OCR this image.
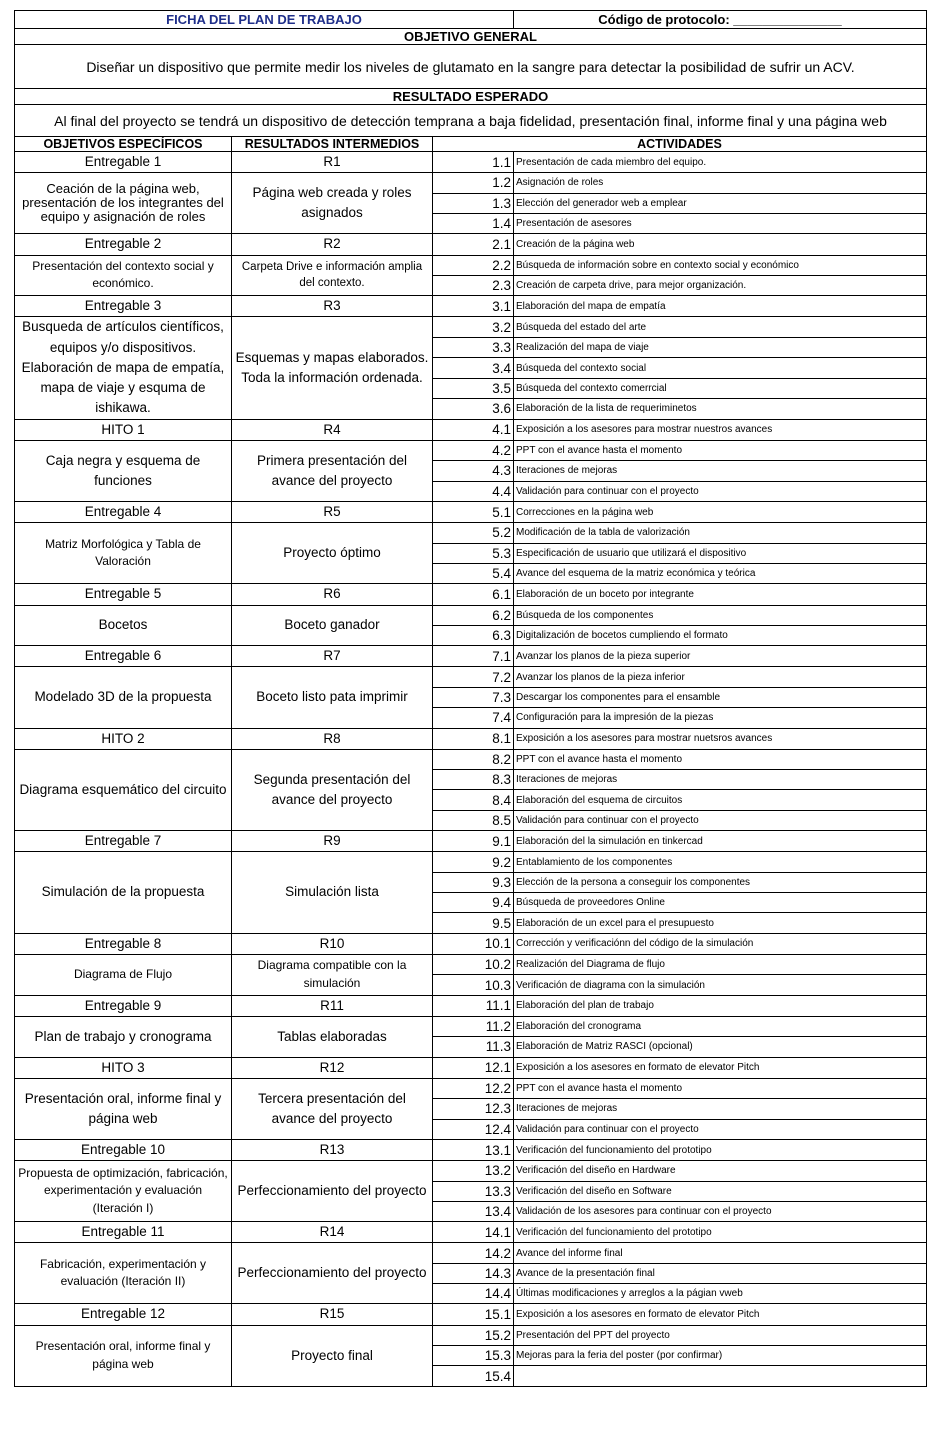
FICHA DEL PLAN DE TRABAJO			Código de protocolo: _______________
OBJETIVO GENERAL			
Diseñar un dispositivo que permite medir los niveles de glutamato en la sangre para detectar la posibilidad de sufrir un ACV.			
RESULTADO ESPERADO			
Al final del proyecto se tendrá un dispositivo de detección temprana a baja fidelidad, presentación final, informe final y una página web			
OBJETIVOS ESPECÍFICOS	RESULTADOS INTERMEDIOS	ACTIVIDADES	
Entregable 1	R1	1.1	Presentación de cada miembro del equipo.
Ceación de la página web, presentación de los integrantes del equipo y asignación de roles	Página web creada y roles asignados	1.2	Asignación de roles
		1.3	Elección del generador web a emplear
		1.4	Presentación de asesores
Entregable 2	R2	2.1	Creación de la página web
Presentación del contexto social y económico.	Carpeta Drive e información amplia del contexto.	2.2	Búsqueda de información sobre en contexto social y económico
		2.3	Creación de carpeta drive, para mejor organización.
Entregable 3	R3	3.1	Elaboración del mapa de empatía
Busqueda de artículos científicos, equipos y/o dispositivos. Elaboración de mapa de empatía, mapa de viaje y esquma de ishikawa.	Esquemas y mapas elaborados. Toda la información ordenada.	3.2	Búsqueda del estado del arte
		3.3	Realización del mapa de viaje
		3.4	Búsqueda del contexto social
		3.5	Búsqueda del contexto comerrcial
		3.6	Elaboración de la lista de requeriminetos
HITO 1	R4	4.1	Exposición a los asesores para mostrar nuestros avances
Caja negra y esquema de funciones	Primera presentación del avance del proyecto	4.2	PPT con el avance hasta el momento
		4.3	Iteraciones de mejoras
		4.4	Validación para continuar con el proyecto
Entregable 4	R5	5.1	Correcciones en la página web
Matriz Morfológica y Tabla de Valoración	Proyecto óptimo	5.2	Modificación de la tabla de valorización
		5.3	Especificación de usuario que utilizará el dispositivo
		5.4	Avance del esquema de la matriz económica y teórica
Entregable 5	R6	6.1	Elaboración de un boceto por integrante
Bocetos	Boceto ganador	6.2	Búsqueda de los componentes
		6.3	Digitalización de bocetos cumpliendo el formato
Entregable 6	R7	7.1	Avanzar los planos de la pieza superior
Modelado 3D de la propuesta	Boceto listo pata imprimir	7.2	Avanzar los planos de la pieza inferior
		7.3	Descargar los componentes para el ensamble
		7.4	Configuración para la impresión de la piezas
HITO 2	R8	8.1	Exposición a los asesores para mostrar nuetsros avances
Diagrama esquemático del circuito	Segunda presentación del avance del proyecto	8.2	PPT con el avance hasta el momento
		8.3	Iteraciones de mejoras
		8.4	Elaboración del esquema de circuitos
		8.5	Validación para continuar con el proyecto
Entregable 7	R9	9.1	Elaboración del la simulación en tinkercad
Simulación de la propuesta	Simulación lista	9.2	Entablamiento de los componentes
		9.3	Elección de la persona a conseguir los componentes
		9.4	Búsqueda de proveedores Online
		9.5	Elaboración de un excel para el presupuesto
Entregable 8	R10	10.1	Corrección y verificaciónn del código de la simulación
Diagrama de Flujo	Diagrama compatible con la simulación	10.2	Realización del Diagrama de flujo
		10.3	Verificación de diagrama con la simulación
Entregable 9	R11	11.1	Elaboración del plan de trabajo
Plan de trabajo y cronograma	Tablas elaboradas	11.2	Elaboración del cronograma
		11.3	Elaboración de Matriz RASCI (opcional)
HITO 3	R12	12.1	Exposición a los asesores en formato de elevator Pitch
Presentación oral, informe final y página web	Tercera presentación del avance del proyecto	12.2	PPT con el avance hasta el momento
		12.3	Iteraciones de mejoras
		12.4	Validación para continuar con el proyecto
Entregable 10	R13	13.1	Verificación del funcionamiento del prototipo
Propuesta de optimización, fabricación, experimentación y evaluación (Iteración I)	Perfeccionamiento del proyecto	13.2	Verificación del diseño en Hardware
		13.3	Verificación del diseño en Software
		13.4	Validación de los asesores para continuar con el proyecto
Entregable 11	R14	14.1	Verificación del funcionamiento del prototipo
Fabricación, experimentación y evaluación (Iteración II)	Perfeccionamiento del proyecto	14.2	Avance del informe final
		14.3	Avance de la presentación final
		14.4	Últimas modificaciones y arreglos a la págian vweb
Entregable 12	R15	15.1	Exposición a los asesores en formato de elevator Pitch
Presentación oral, informe final y página web	Proyecto final	15.2	Presentación del PPT del proyecto
		15.3	Mejoras para la feria del poster (por confirmar)
		15.4	
